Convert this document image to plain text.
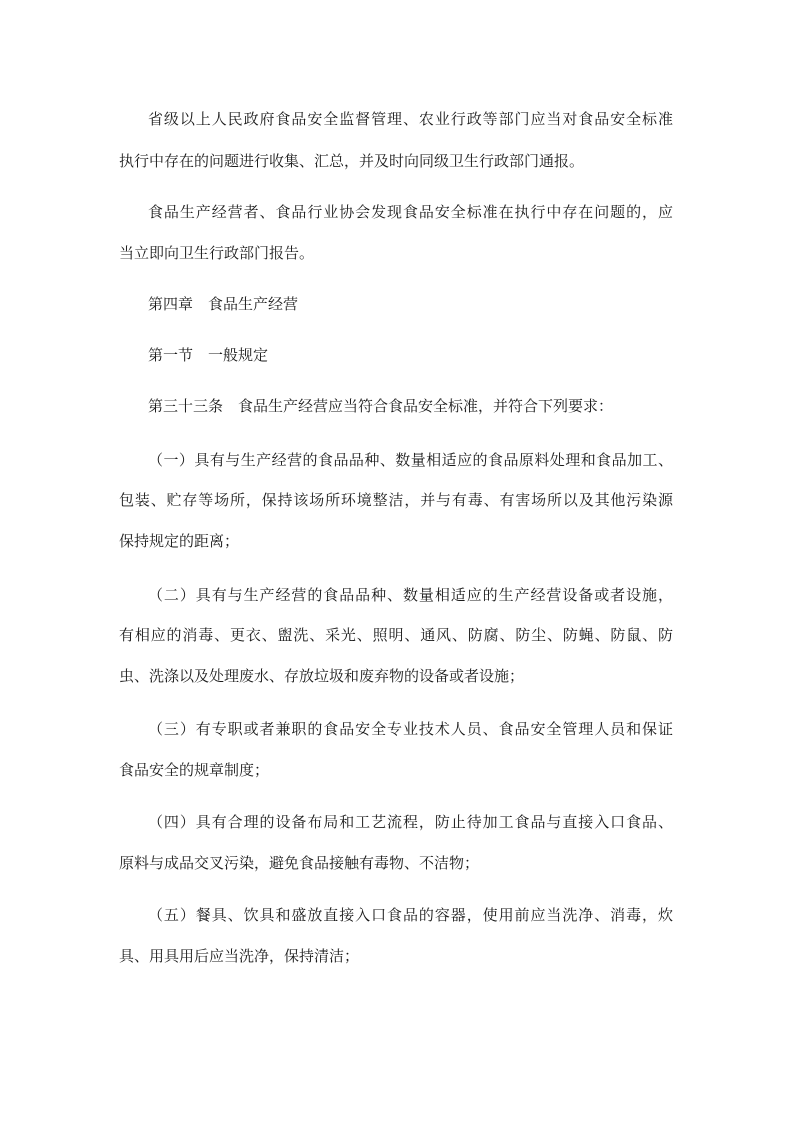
省级以上人民政府食品安全监督管理、农业行政等部门应当对食品安全标准

执行中存在的问题进行收集、汇总，并及时向同级卫生行政部门通报。

食品生产经营者、食品行业协会发现食品安全标准在执行中存在问题的，应

当立即向卫生行政部门报告。

第四章　食品生产经营

第一节　一般规定

第三十三条　食品生产经营应当符合食品安全标准，并符合下列要求：

（一）具有与生产经营的食品品种、数量相适应的食品原料处理和食品加工、

包装、贮存等场所，保持该场所环境整洁，并与有毒、有害场所以及其他污染源

保持规定的距离；

（二）具有与生产经营的食品品种、数量相适应的生产经营设备或者设施，

有相应的消毒、更衣、盥洗、采光、照明、通风、防腐、防尘、防蝇、防鼠、防

虫、洗涤以及处理废水、存放垃圾和废弃物的设备或者设施；

（三）有专职或者兼职的食品安全专业技术人员、食品安全管理人员和保证

食品安全的规章制度；

（四）具有合理的设备布局和工艺流程，防止待加工食品与直接入口食品、

原料与成品交叉污染，避免食品接触有毒物、不洁物；

（五）餐具、饮具和盛放直接入口食品的容器，使用前应当洗净、消毒，炊

具、用具用后应当洗净，保持清洁；
